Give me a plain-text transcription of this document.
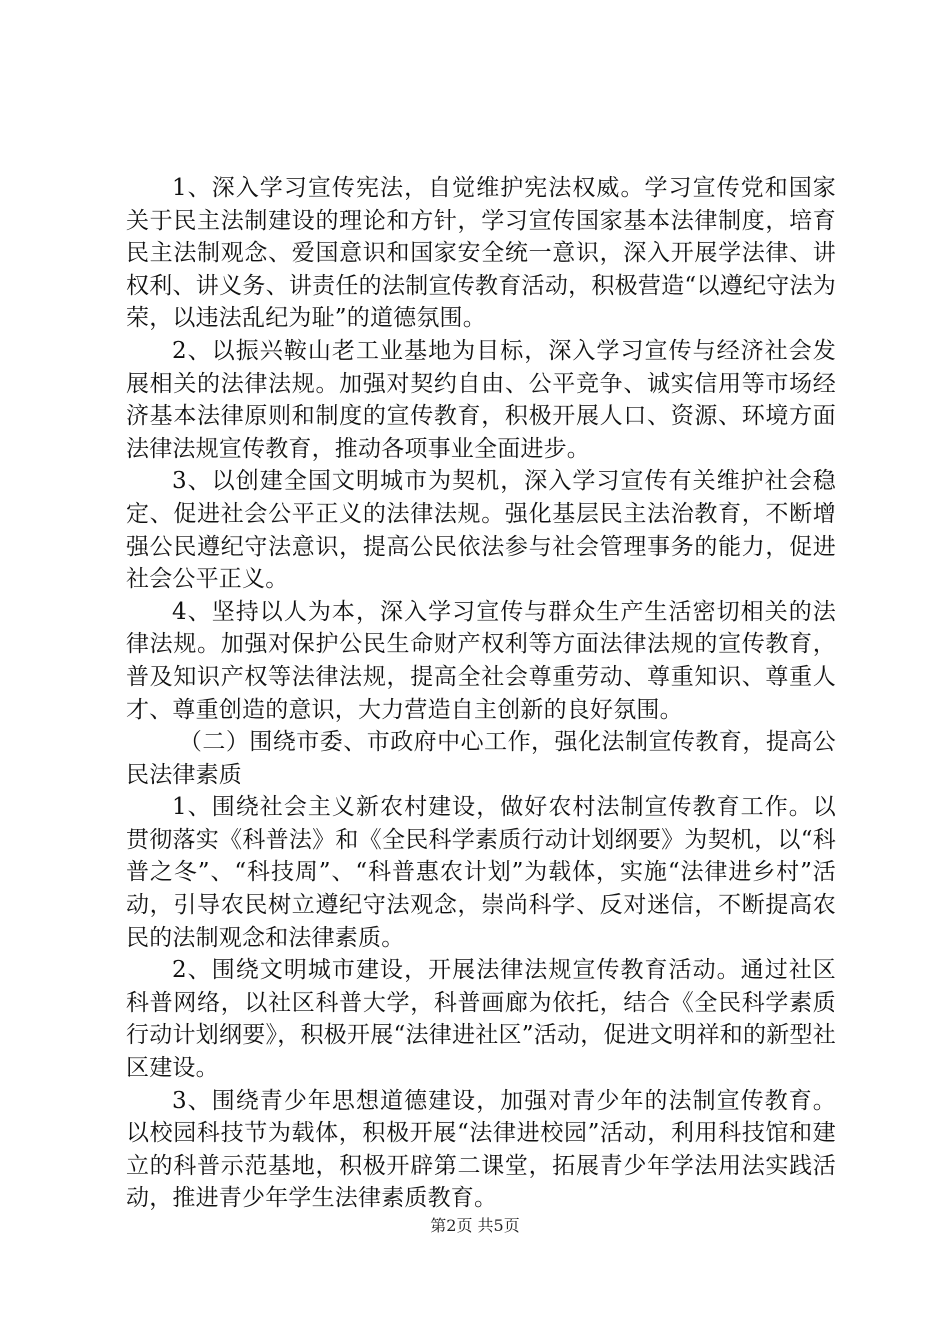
1、深入学习宣传宪法，自觉维护宪法权威。学习宣传党和国家关于民主法制建设的理论和方针，学习宣传国家基本法律制度，培育民主法制观念、爱国意识和国家安全统一意识，深入开展学法律、讲权利、讲义务、讲责任的法制宣传教育活动，积极营造“以遵纪守法为荣，以违法乱纪为耻”的道德氛围。

2、以振兴鞍山老工业基地为目标，深入学习宣传与经济社会发展相关的法律法规。加强对契约自由、公平竞争、诚实信用等市场经济基本法律原则和制度的宣传教育，积极开展人口、资源、环境方面法律法规宣传教育，推动各项事业全面进步。

3、以创建全国文明城市为契机，深入学习宣传有关维护社会稳定、促进社会公平正义的法律法规。强化基层民主法治教育，不断增强公民遵纪守法意识，提高公民依法参与社会管理事务的能力，促进社会公平正义。

4、坚持以人为本，深入学习宣传与群众生产生活密切相关的法律法规。加强对保护公民生命财产权利等方面法律法规的宣传教育，普及知识产权等法律法规，提高全社会尊重劳动、尊重知识、尊重人才、尊重创造的意识，大力营造自主创新的良好氛围。

（二）围绕市委、市政府中心工作，强化法制宣传教育，提高公民法律素质

1、围绕社会主义新农村建设，做好农村法制宣传教育工作。以贯彻落实《科普法》和《全民科学素质行动计划纲要》为契机，以“科普之冬”、“科技周”、“科普惠农计划”为载体，实施“法律进乡村”活动，引导农民树立遵纪守法观念，崇尚科学、反对迷信，不断提高农民的法制观念和法律素质。

2、围绕文明城市建设，开展法律法规宣传教育活动。通过社区科普网络，以社区科普大学，科普画廊为依托，结合《全民科学素质行动计划纲要》，积极开展“法律进社区”活动，促进文明祥和的新型社区建设。

3、围绕青少年思想道德建设，加强对青少年的法制宣传教育。以校园科技节为载体，积极开展“法律进校园”活动，利用科技馆和建立的科普示范基地，积极开辟第二课堂，拓展青少年学法用法实践活动，推进青少年学生法律素质教育。

第2页 共5页
